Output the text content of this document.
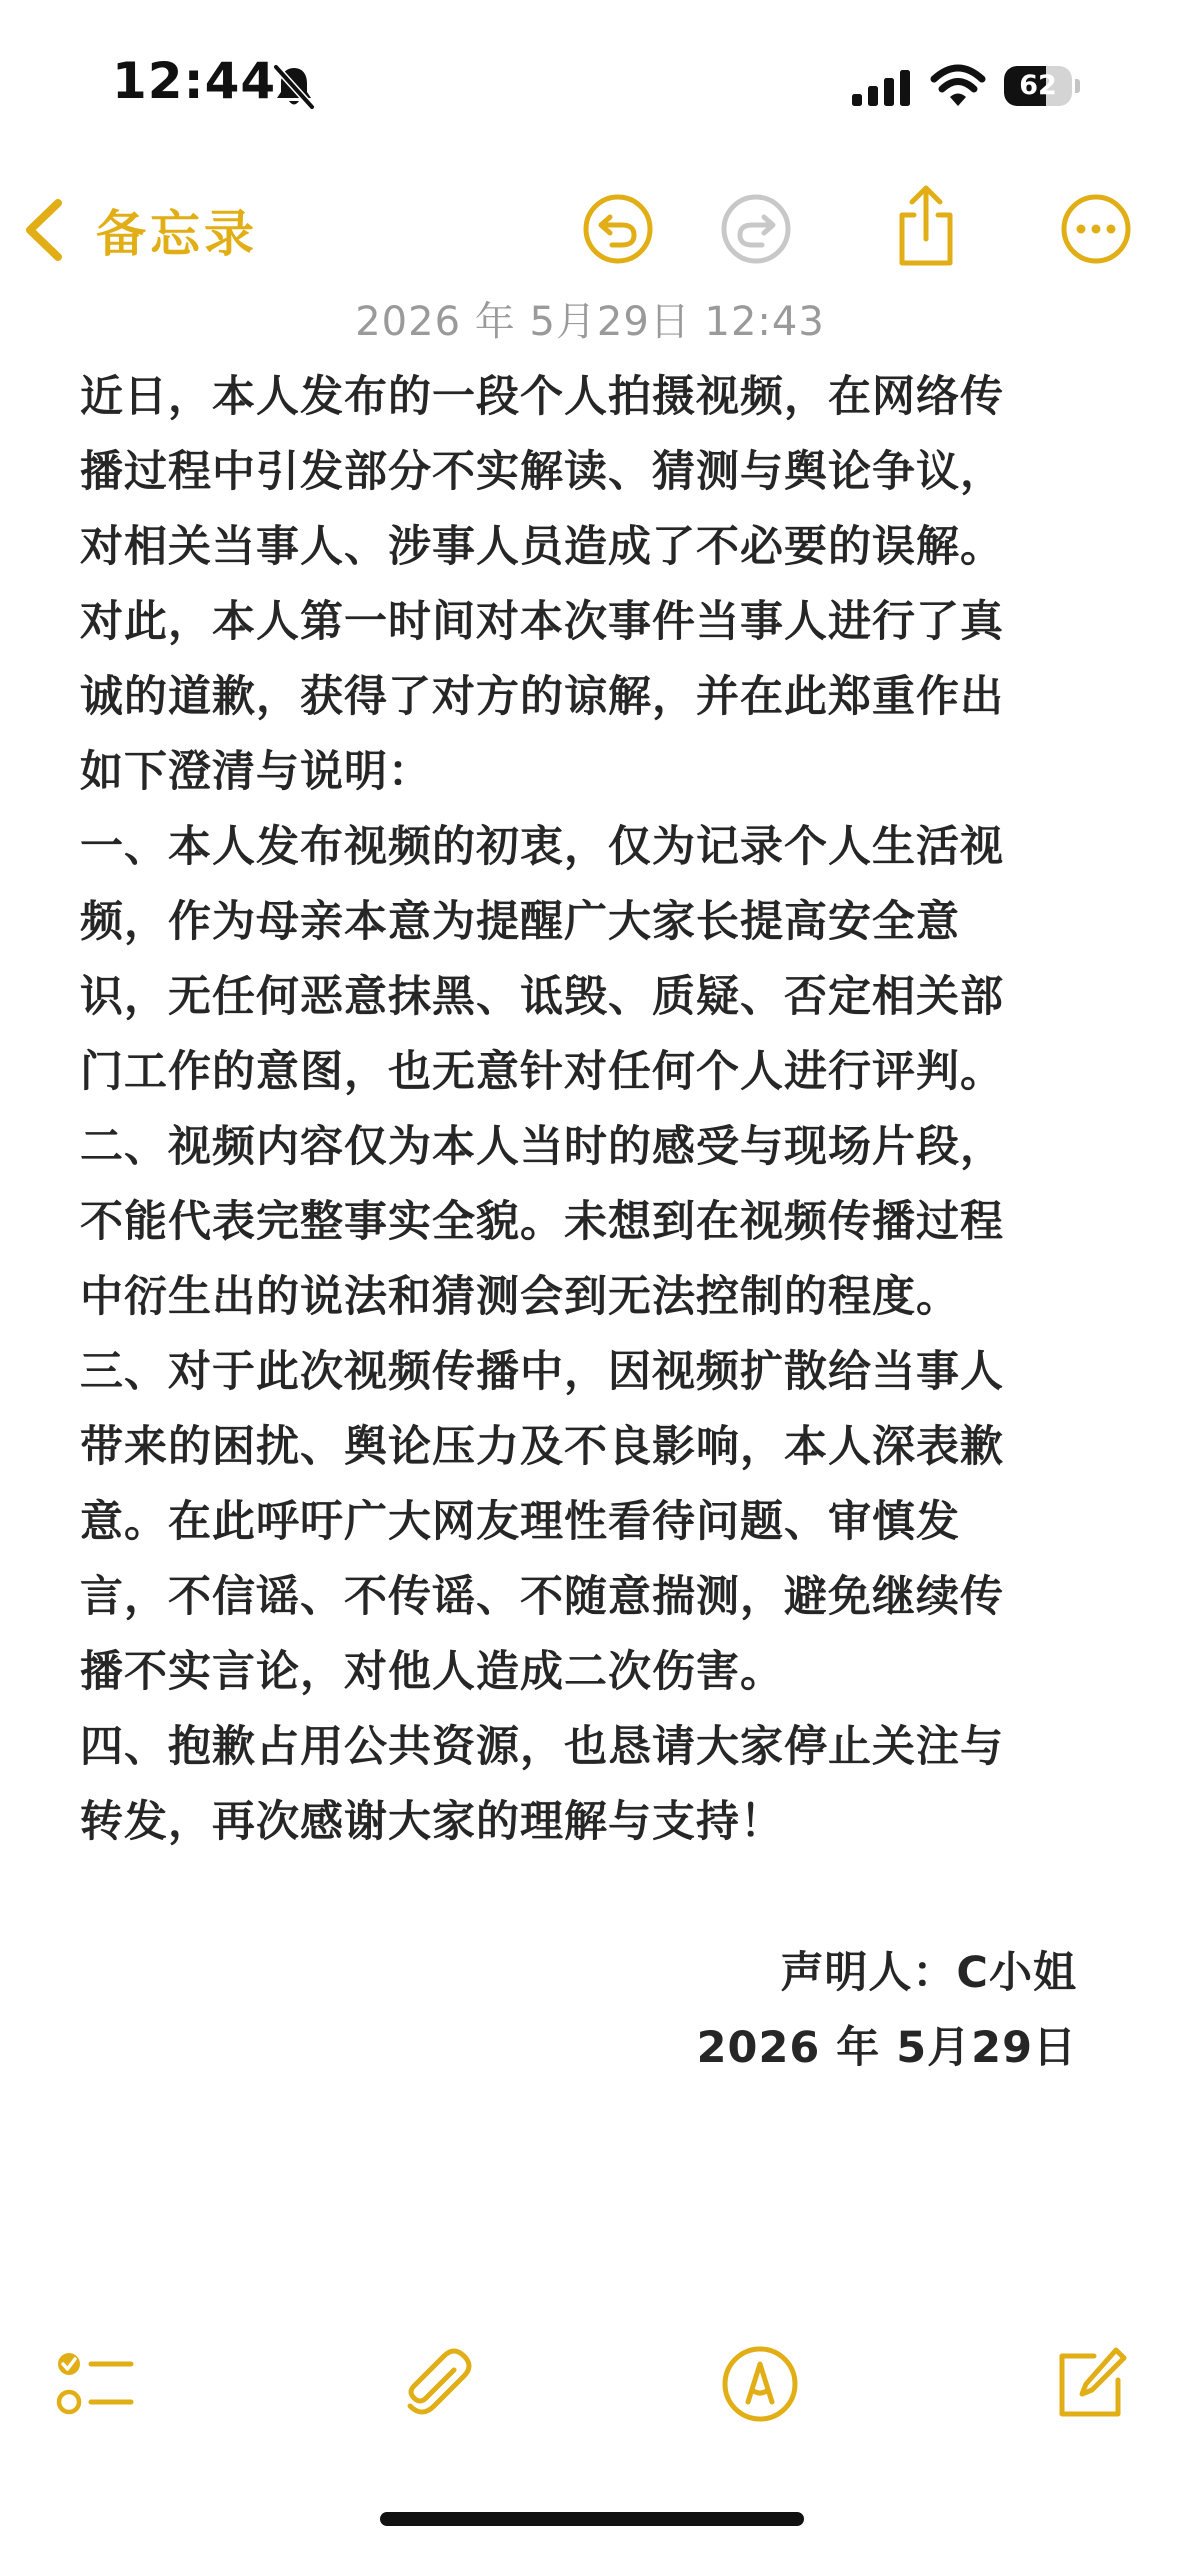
12:44	62
备忘录
2026 年 5月29日 12:43
近日，本人发布的一段个人拍摄视频，在网络传
播过程中引发部分不实解读、猜测与舆论争议，
对相关当事人、涉事人员造成了不必要的误解。
对此，本人第一时间对本次事件当事人进行了真
诚的道歉，获得了对方的谅解，并在此郑重作出
如下澄清与说明：
一、本人发布视频的初衷，仅为记录个人生活视
频，作为母亲本意为提醒广大家长提高安全意
识，无任何恶意抹黑、诋毁、质疑、否定相关部
门工作的意图，也无意针对任何个人进行评判。
二、视频内容仅为本人当时的感受与现场片段，
不能代表完整事实全貌。未想到在视频传播过程
中衍生出的说法和猜测会到无法控制的程度。
三、对于此次视频传播中，因视频扩散给当事人
带来的困扰、舆论压力及不良影响，本人深表歉
意。在此呼吁广大网友理性看待问题、审慎发
言，不信谣、不传谣、不随意揣测，避免继续传
播不实言论，对他人造成二次伤害。
四、抱歉占用公共资源，也恳请大家停止关注与
转发，再次感谢大家的理解与支持！
声明人：C小姐
2026 年 5月29日
